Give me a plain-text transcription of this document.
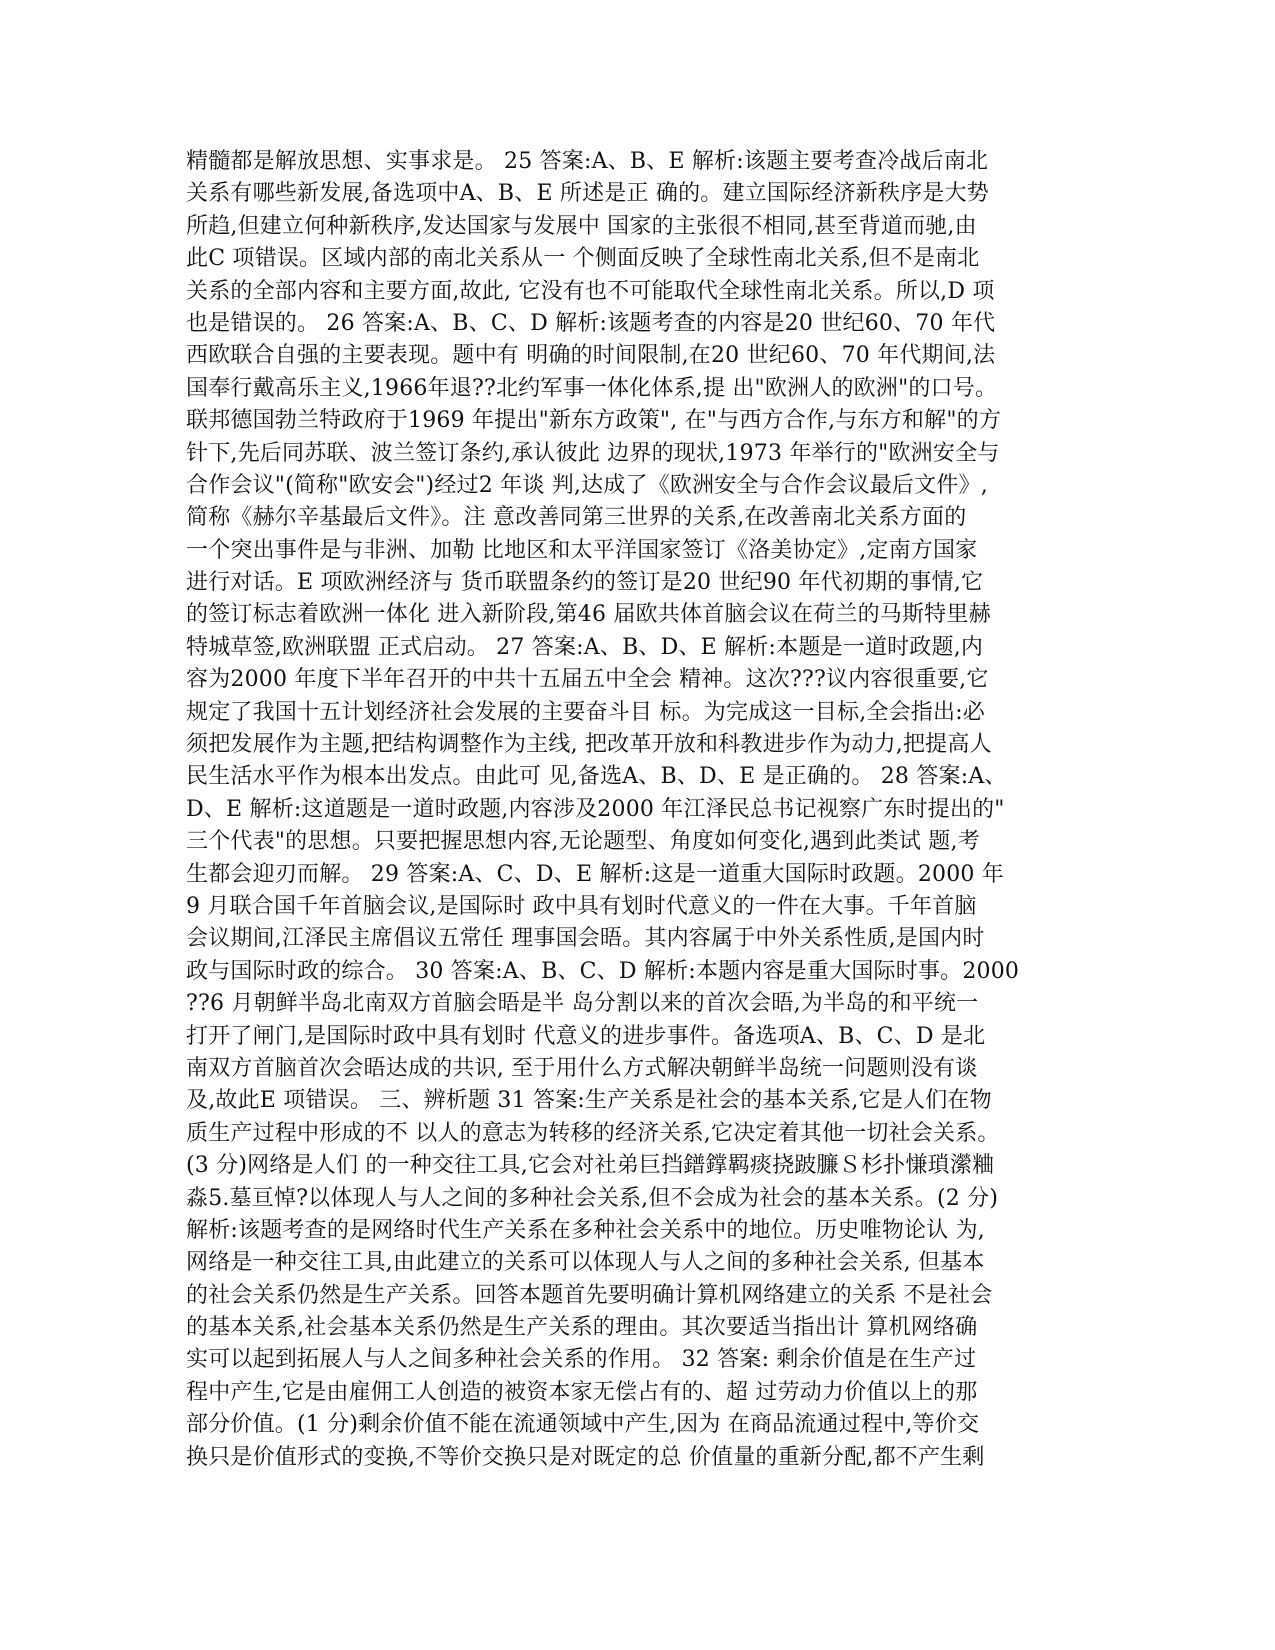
精髓都是解放思想、实事求是。 25 答案:A、B、E 解析:该题主要考查冷战后南北
关系有哪些新发展,备选项中A、B、E 所述是正 确的。建立国际经济新秩序是大势
所趋,但建立何种新秩序,发达国家与发展中 国家的主张很不相同,甚至背道而驰,由
此C 项错误。区域内部的南北关系从一 个侧面反映了全球性南北关系,但不是南北
关系的全部内容和主要方面,故此, 它没有也不可能取代全球性南北关系。所以,D 项
也是错误的。 26 答案:A、B、C、D 解析:该题考查的内容是20 世纪60、70 年代
西欧联合自强的主要表现。题中有 明确的时间限制,在20 世纪60、70 年代期间,法
国奉行戴高乐主义,1966年退??北约军事一体化体系,提 出"欧洲人的欧洲"的口号。
联邦德国勃兰特政府于1969 年提出"新东方政策", 在"与西方合作,与东方和解"的方
针下,先后同苏联、波兰签订条约,承认彼此 边界的现状,1973 年举行的"欧洲安全与
合作会议"(简称"欧安会")经过2 年谈 判,达成了《欧洲安全与合作会议最后文件》,
简称《赫尔辛基最后文件》。注 意改善同第三世界的关系,在改善南北关系方面的
一个突出事件是与非洲、加勒 比地区和太平洋国家签订《洛美协定》,定南方国家
进行对话。E 项欧洲经济与 货币联盟条约的签订是20 世纪90 年代初期的事情,它
的签订标志着欧洲一体化 进入新阶段,第46 届欧共体首脑会议在荷兰的马斯特里赫
特城草签,欧洲联盟 正式启动。 27 答案:A、B、D、E 解析:本题是一道时政题,内
容为2000 年度下半年召开的中共十五届五中全会 精神。这次???议内容很重要,它
规定了我国十五计划经济社会发展的主要奋斗目 标。为完成这一目标,全会指出:必
须把发展作为主题,把结构调整作为主线, 把改革开放和科教进步作为动力,把提高人
民生活水平作为根本出发点。由此可 见,备选A、B、D、E 是正确的。 28 答案:A、
D、E 解析:这道题是一道时政题,内容涉及2000 年江泽民总书记视察广东时提出的"
三个代表"的思想。只要把握思想内容,无论题型、角度如何变化,遇到此类试 题,考
生都会迎刃而解。 29 答案:A、C、D、E 解析:这是一道重大国际时政题。2000 年
9 月联合国千年首脑会议,是国际时 政中具有划时代意义的一件在大事。千年首脑
会议期间,江泽民主席倡议五常任 理事国会晤。其内容属于中外关系性质,是国内时
政与国际时政的综合。 30 答案:A、B、C、D 解析:本题内容是重大国际时事。2000
??6 月朝鲜半岛北南双方首脑会晤是半 岛分割以来的首次会晤,为半岛的和平统一
打开了闸门,是国际时政中具有划时 代意义的进步事件。备选项A、B、C、D 是北
南双方首脑首次会晤达成的共识, 至于用什么方式解决朝鲜半岛统一问题则没有谈
及,故此E 项错误。 三、辨析题 31 答案:生产关系是社会的基本关系,它是人们在物
质生产过程中形成的不 以人的意志为转移的经济关系,它决定着其他一切社会关系。
(3 分)网络是人们 的一种交往工具,它会对社弟巨挡鐠鐣羁痰挠跛臁Ｓ杉扑慊瑣瀠粬
淼5.墓亘悼?以体现人与人之间的多种社会关系,但不会成为社会的基本关系。(2 分)
解析:该题考查的是网络时代生产关系在多种社会关系中的地位。历史唯物论认 为,
网络是一种交往工具,由此建立的关系可以体现人与人之间的多种社会关系, 但基本
的社会关系仍然是生产关系。回答本题首先要明确计算机网络建立的关系 不是社会
的基本关系,社会基本关系仍然是生产关系的理由。其次要适当指出计 算机网络确
实可以起到拓展人与人之间多种社会关系的作用。 32 答案: 剩余价值是在生产过
程中产生,它是由雇佣工人创造的被资本家无偿占有的、超 过劳动力价值以上的那
部分价值。(1 分)剩余价值不能在流通领域中产生,因为 在商品流通过程中,等价交
换只是价值形式的变换,不等价交换只是对既定的总 价值量的重新分配,都不产生剩
